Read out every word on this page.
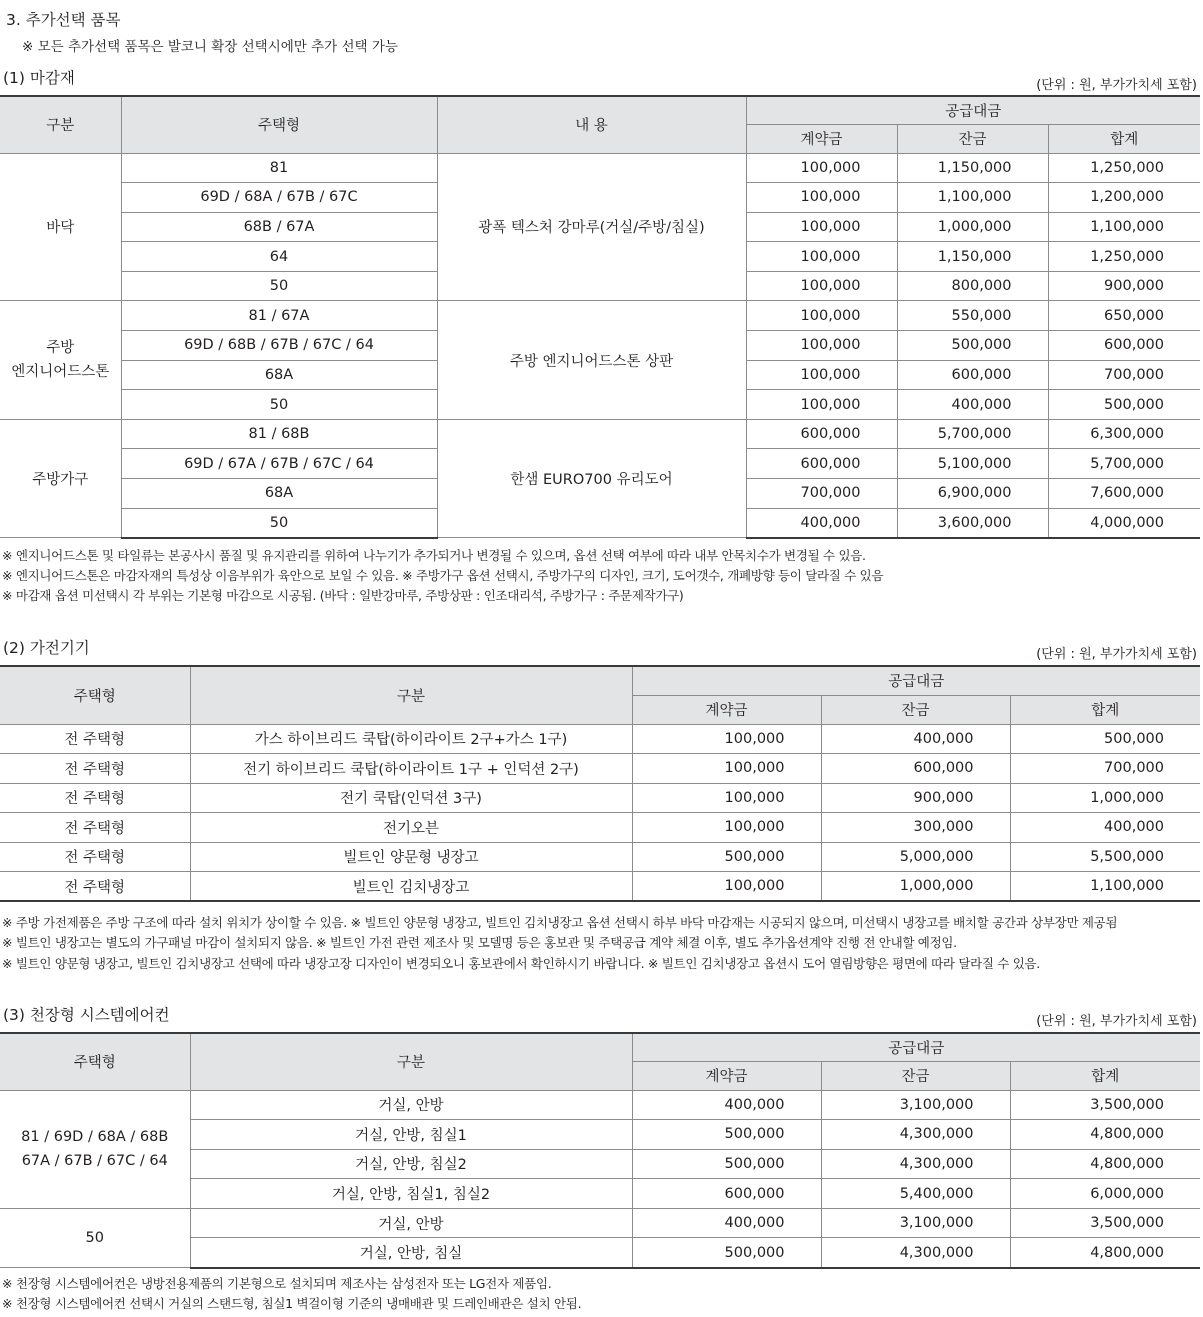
3. 추가선택 품목
※ 모든 추가선택 품목은 발코니 확장 선택시에만 추가 선택 가능
(1) 마감재	(단위 : 원, 부가가치세 포함)
구분	주택형	내 용	공급대금		
			계약금	잔금	합계
바닥	81	광폭 텍스처 강마루(거실/주방/침실)	100,000	1,150,000	1,250,000
	69D / 68A / 67B / 67C		100,000	1,100,000	1,200,000
	68B / 67A		100,000	1,000,000	1,100,000
	64		100,000	1,150,000	1,250,000
	50		100,000	800,000	900,000

주방
엔지니어드스톤	81 / 67A	주방 엔지니어드스톤 상판	100,000	550,000	650,000
	69D / 68B / 67B / 67C / 64		100,000	500,000	600,000
	68A		100,000	600,000	700,000
	50		100,000	400,000	500,000
주방가구	81 / 68B	한샘 EURO700 유리도어	600,000	5,700,000	6,300,000
	69D / 67A / 67B / 67C / 64		600,000	5,100,000	5,700,000
	68A		700,000	6,900,000	7,600,000
	50		400,000	3,600,000	4,000,000
※ 엔지니어드스톤 및 타일류는 본공사시 품질 및 유지관리를 위하여 나누기가 추가되거나 변경될 수 있으며, 옵션 선택 여부에 따라 내부 안목치수가 변경될 수 있음.
※ 엔지니어드스톤은 마감자재의 특성상 이음부위가 육안으로 보일 수 있음. ※ 주방가구 옵션 선택시, 주방가구의 디자인, 크기, 도어갯수, 개폐방향 등이 달라질 수 있음
※ 마감재 옵션 미선택시 각 부위는 기본형 마감으로 시공됨. (바닥 : 일반강마루, 주방상판 : 인조대리석, 주방가구 : 주문제작가구)
(2) 가전기기	(단위 : 원, 부가가치세 포함)
주택형	구분	공급대금		
		계약금	잔금	합계
전 주택형	가스 하이브리드 쿡탑(하이라이트 2구+가스 1구)	100,000	400,000	500,000
전 주택형	전기 하이브리드 쿡탑(하이라이트 1구 + 인덕션 2구)	100,000	600,000	700,000
전 주택형	전기 쿡탑(인덕션 3구)	100,000	900,000	1,000,000
전 주택형	전기오븐	100,000	300,000	400,000
전 주택형	빌트인 양문형 냉장고	500,000	5,000,000	5,500,000
전 주택형	빌트인 김치냉장고	100,000	1,000,000	1,100,000
※ 주방 가전제품은 주방 구조에 따라 설치 위치가 상이할 수 있음. ※ 빌트인 양문형 냉장고, 빌트인 김치냉장고 옵션 선택시 하부 바닥 마감재는 시공되지 않으며, 미선택시 냉장고를 배치할 공간과 상부장만 제공됨
※ 빌트인 냉장고는 별도의 가구패널 마감이 설치되지 않음. ※ 빌트인 가전 관련 제조사 및 모델명 등은 홍보관 및 주택공급 계약 체결 이후, 별도 추가옵션계약 진행 전 안내할 예정임.
※ 빌트인 양문형 냉장고, 빌트인 김치냉장고 선택에 따라 냉장고장 디자인이 변경되오니 홍보관에서 확인하시기 바랍니다. ※ 빌트인 김치냉장고 옵션시 도어 열림방향은 평면에 따라 달라질 수 있음.
(3) 천장형 시스템에어컨	(단위 : 원, 부가가치세 포함)
주택형	구분	공급대금		
		계약금	잔금	합계

81 / 69D / 68A / 68B
67A / 67B / 67C / 64	거실, 안방	400,000	3,100,000	3,500,000
	거실, 안방, 침실1	500,000	4,300,000	4,800,000
	거실, 안방, 침실2	500,000	4,300,000	4,800,000
	거실, 안방, 침실1, 침실2	600,000	5,400,000	6,000,000
50	거실, 안방	400,000	3,100,000	3,500,000
	거실, 안방, 침실	500,000	4,300,000	4,800,000
※ 천장형 시스템에어컨은 냉방전용제품의 기본형으로 설치되며 제조사는 삼성전자 또는 LG전자 제품임.
※ 천장형 시스템에어컨 선택시 거실의 스탠드형, 침실1 벽걸이형 기준의 냉매배관 및 드레인배관은 설치 안됨.
